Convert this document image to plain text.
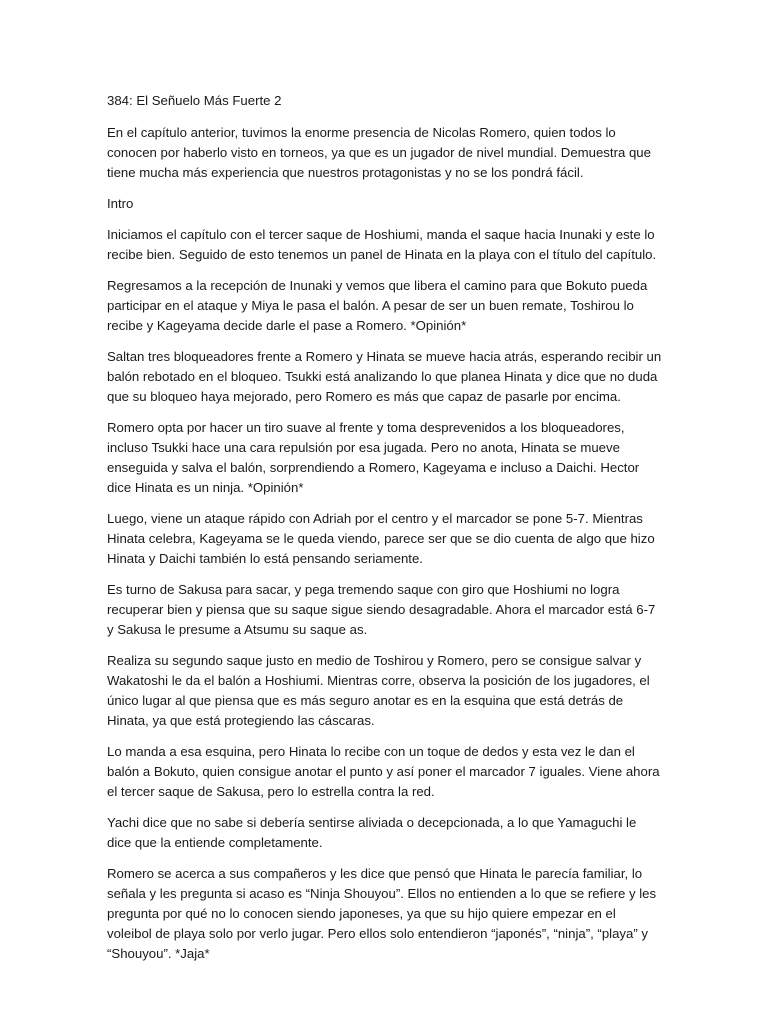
384: El Señuelo Más Fuerte 2

En el capítulo anterior, tuvimos la enorme presencia de Nicolas Romero, quien todos lo conocen por haberlo visto en torneos, ya que es un jugador de nivel mundial. Demuestra que tiene mucha más experiencia que nuestros protagonistas y no se los pondrá fácil.

Intro

Iniciamos el capítulo con el tercer saque de Hoshiumi, manda el saque hacia Inunaki y este lo recibe bien. Seguido de esto tenemos un panel de Hinata en la playa con el título del capítulo.

Regresamos a la recepción de Inunaki y vemos que libera el camino para que Bokuto pueda participar en el ataque y Miya le pasa el balón. A pesar de ser un buen remate, Toshirou lo recibe y Kageyama decide darle el pase a Romero. *Opinión*

Saltan tres bloqueadores frente a Romero y Hinata se mueve hacia atrás, esperando recibir un balón rebotado en el bloqueo. Tsukki está analizando lo que planea Hinata y dice que no duda que su bloqueo haya mejorado, pero Romero es más que capaz de pasarle por encima.

Romero opta por hacer un tiro suave al frente y toma desprevenidos a los bloqueadores, incluso Tsukki hace una cara repulsión por esa jugada. Pero no anota, Hinata se mueve enseguida y salva el balón, sorprendiendo a Romero, Kageyama e incluso a Daichi. Hector dice Hinata es un ninja. *Opinión*

Luego, viene un ataque rápido con Adriah por el centro y el marcador se pone 5-7. Mientras Hinata celebra, Kageyama se le queda viendo, parece ser que se dio cuenta de algo que hizo Hinata y Daichi también lo está pensando seriamente.

Es turno de Sakusa para sacar, y pega tremendo saque con giro que Hoshiumi no logra recuperar bien y piensa que su saque sigue siendo desagradable. Ahora el marcador está 6-7 y Sakusa le presume a Atsumu su saque as.

Realiza su segundo saque justo en medio de Toshirou y Romero, pero se consigue salvar y Wakatoshi le da el balón a Hoshiumi. Mientras corre, observa la posición de los jugadores, el único lugar al que piensa que es más seguro anotar es en la esquina que está detrás de Hinata, ya que está protegiendo las cáscaras.

Lo manda a esa esquina, pero Hinata lo recibe con un toque de dedos y esta vez le dan el balón a Bokuto, quien consigue anotar el punto y así poner el marcador 7 iguales. Viene ahora el tercer saque de Sakusa, pero lo estrella contra la red.

Yachi dice que no sabe si debería sentirse aliviada o decepcionada, a lo que Yamaguchi le dice que la entiende completamente.

Romero se acerca a sus compañeros y les dice que pensó que Hinata le parecía familiar, lo señala y les pregunta si acaso es “Ninja Shouyou”. Ellos no entienden a lo que se refiere y les pregunta por qué no lo conocen siendo japoneses, ya que su hijo quiere empezar en el voleibol de playa solo por verlo jugar. Pero ellos solo entendieron “japonés”, “ninja”, “playa” y “Shouyou”. *Jaja*
